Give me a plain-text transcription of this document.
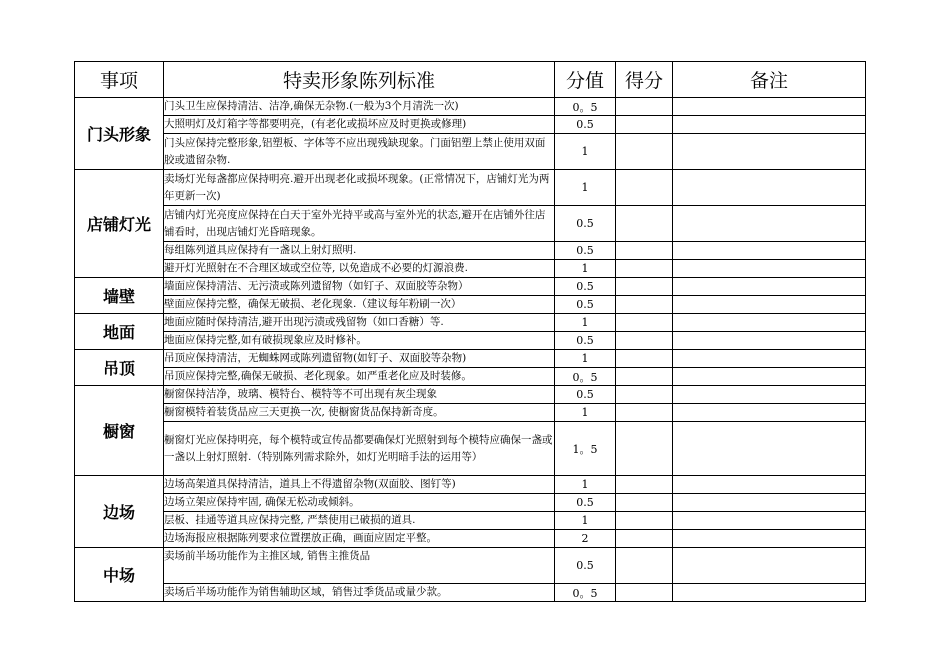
事项	特卖形象陈列标准	分值	得分	备注
门头形象	门头卫生应保持清洁、洁净,确保无杂物.(一般为3个月清洗一次)	0。5		
	大照明灯及灯箱字等都要明亮，(有老化或损坏应及时更换或修理)	0.5		
	门头应保持完整形象,铝塑板、字体等不应出现残缺现象。门面铝塑上禁止使用双面胶或遗留杂物.	1		
店铺灯光	卖场灯光每盏都应保持明亮.避开出现老化或损坏现象。(正常情况下，店铺灯光为两年更新一次)	1		
	店铺内灯光亮度应保持在白天于室外光持平或高与室外光的状态,避开在店铺外往店铺看时，出现店铺灯光昏暗现象。	0.5		
	每组陈列道具应保持有一盏以上射灯照明.	0.5		
	避开灯光照射在不合理区域或空位等, 以免造成不必要的灯源浪费.	1		
墙壁	墙面应保持清洁、无污渍或陈列遗留物（如钉子、双面胶等杂物）	0.5		
	壁面应保持完整，确保无破损、老化现象.（建议每年粉刷一次）	0.5		
地面	地面应随时保持清洁,避开出现污渍或残留物（如口香糖）等.	1		
	地面应保持完整,如有破损现象应及时修补。	0.5		
吊顶	吊顶应保持清洁，无蜘蛛网或陈列遗留物(如钉子、双面胶等杂物)	1		
	吊顶应保持完整,确保无破损、老化现象。如严重老化应及时装修。	0。5		
橱窗	橱窗保持洁净，玻璃、模特台、模特等不可出现有灰尘现象	0.5		
	橱窗模特着装货品应三天更换一次, 使橱窗货品保持新奇度。	1		
	橱窗灯光应保持明亮，每个模特或宣传品都要确保灯光照射到每个模特应确保一盏或一盏以上射灯照射.（特别陈列需求除外，如灯光明暗手法的运用等）	1。5		
边场	边场高架道具保持清洁，道具上不得遗留杂物(双面胶、图钉等)	1		
	边场立架应保持牢固, 确保无松动或倾斜。	0.5		
	层板、挂通等道具应保持完整, 严禁使用已破损的道具.	1		
	边场海报应根据陈列要求位置摆放正确，画面应固定平整。	2		
中场	卖场前半场功能作为主推区域, 销售主推货品	0.5		
	卖场后半场功能作为销售辅助区域，销售过季货品或量少款。	0。5		
